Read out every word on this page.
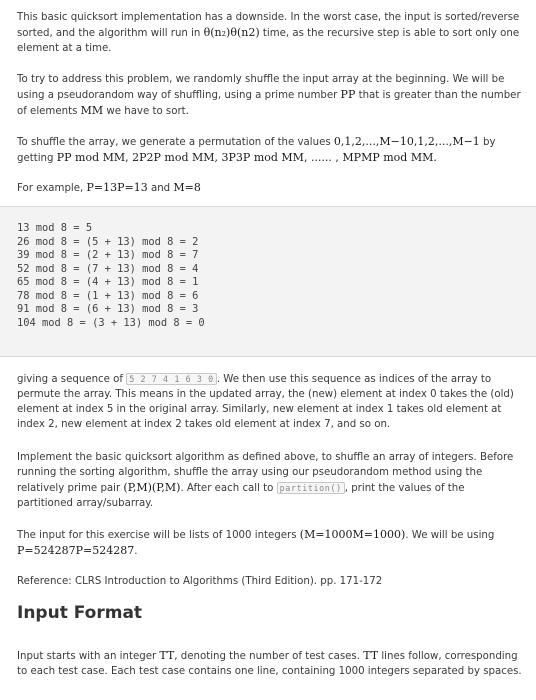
This basic quicksort implementation has a downside. In the worst case, the input is sorted/reverse sorted, and the algorithm will run in θ(n₂)θ(n2) time, as the recursive step is able to sort only one element at a time.

To try to address this problem, we randomly shuffle the input array at the beginning. We will be using a pseudorandom way of shuffling, using a prime number PP that is greater than the number of elements MM we have to sort.

To shuffle the array, we generate a permutation of the values 0,1,2,...,M−10,1,2,...,M−1 by getting PP mod MM, 2P2P mod MM, 3P3P mod MM, ...... , MPMP mod MM.

For example, P=13P=13 and M=8

13 mod 8 = 5
26 mod 8 = (5 + 13) mod 8 = 2
39 mod 8 = (2 + 13) mod 8 = 7
52 mod 8 = (7 + 13) mod 8 = 4
65 mod 8 = (4 + 13) mod 8 = 1
78 mod 8 = (1 + 13) mod 8 = 6
91 mod 8 = (6 + 13) mod 8 = 3
104 mod 8 = (3 + 13) mod 8 = 0

giving a sequence of 5 2 7 4 1 6 3 0 . We then use this sequence as indices of the array to permute the array. This means in the updated array, the (new) element at index 0 takes the (old) element at index 5 in the original array. Similarly, new element at index 1 takes old element at index 2, new element at index 2 takes old element at index 7, and so on.

Implement the basic quicksort algorithm as defined above, to shuffle an array of integers. Before running the sorting algorithm, shuffle the array using our pseudorandom method using the relatively prime pair (P,M)(P,M). After each call to partition() , print the values of the partitioned array/subarray.

The input for this exercise will be lists of 1000 integers (M=1000M=1000). We will be using P=524287P=524287.

Reference: CLRS Introduction to Algorithms (Third Edition). pp. 171-172

Input Format

Input starts with an integer TT, denoting the number of test cases. TT lines follow, corresponding to each test case. Each test case contains one line, containing 1000 integers separated by spaces.
